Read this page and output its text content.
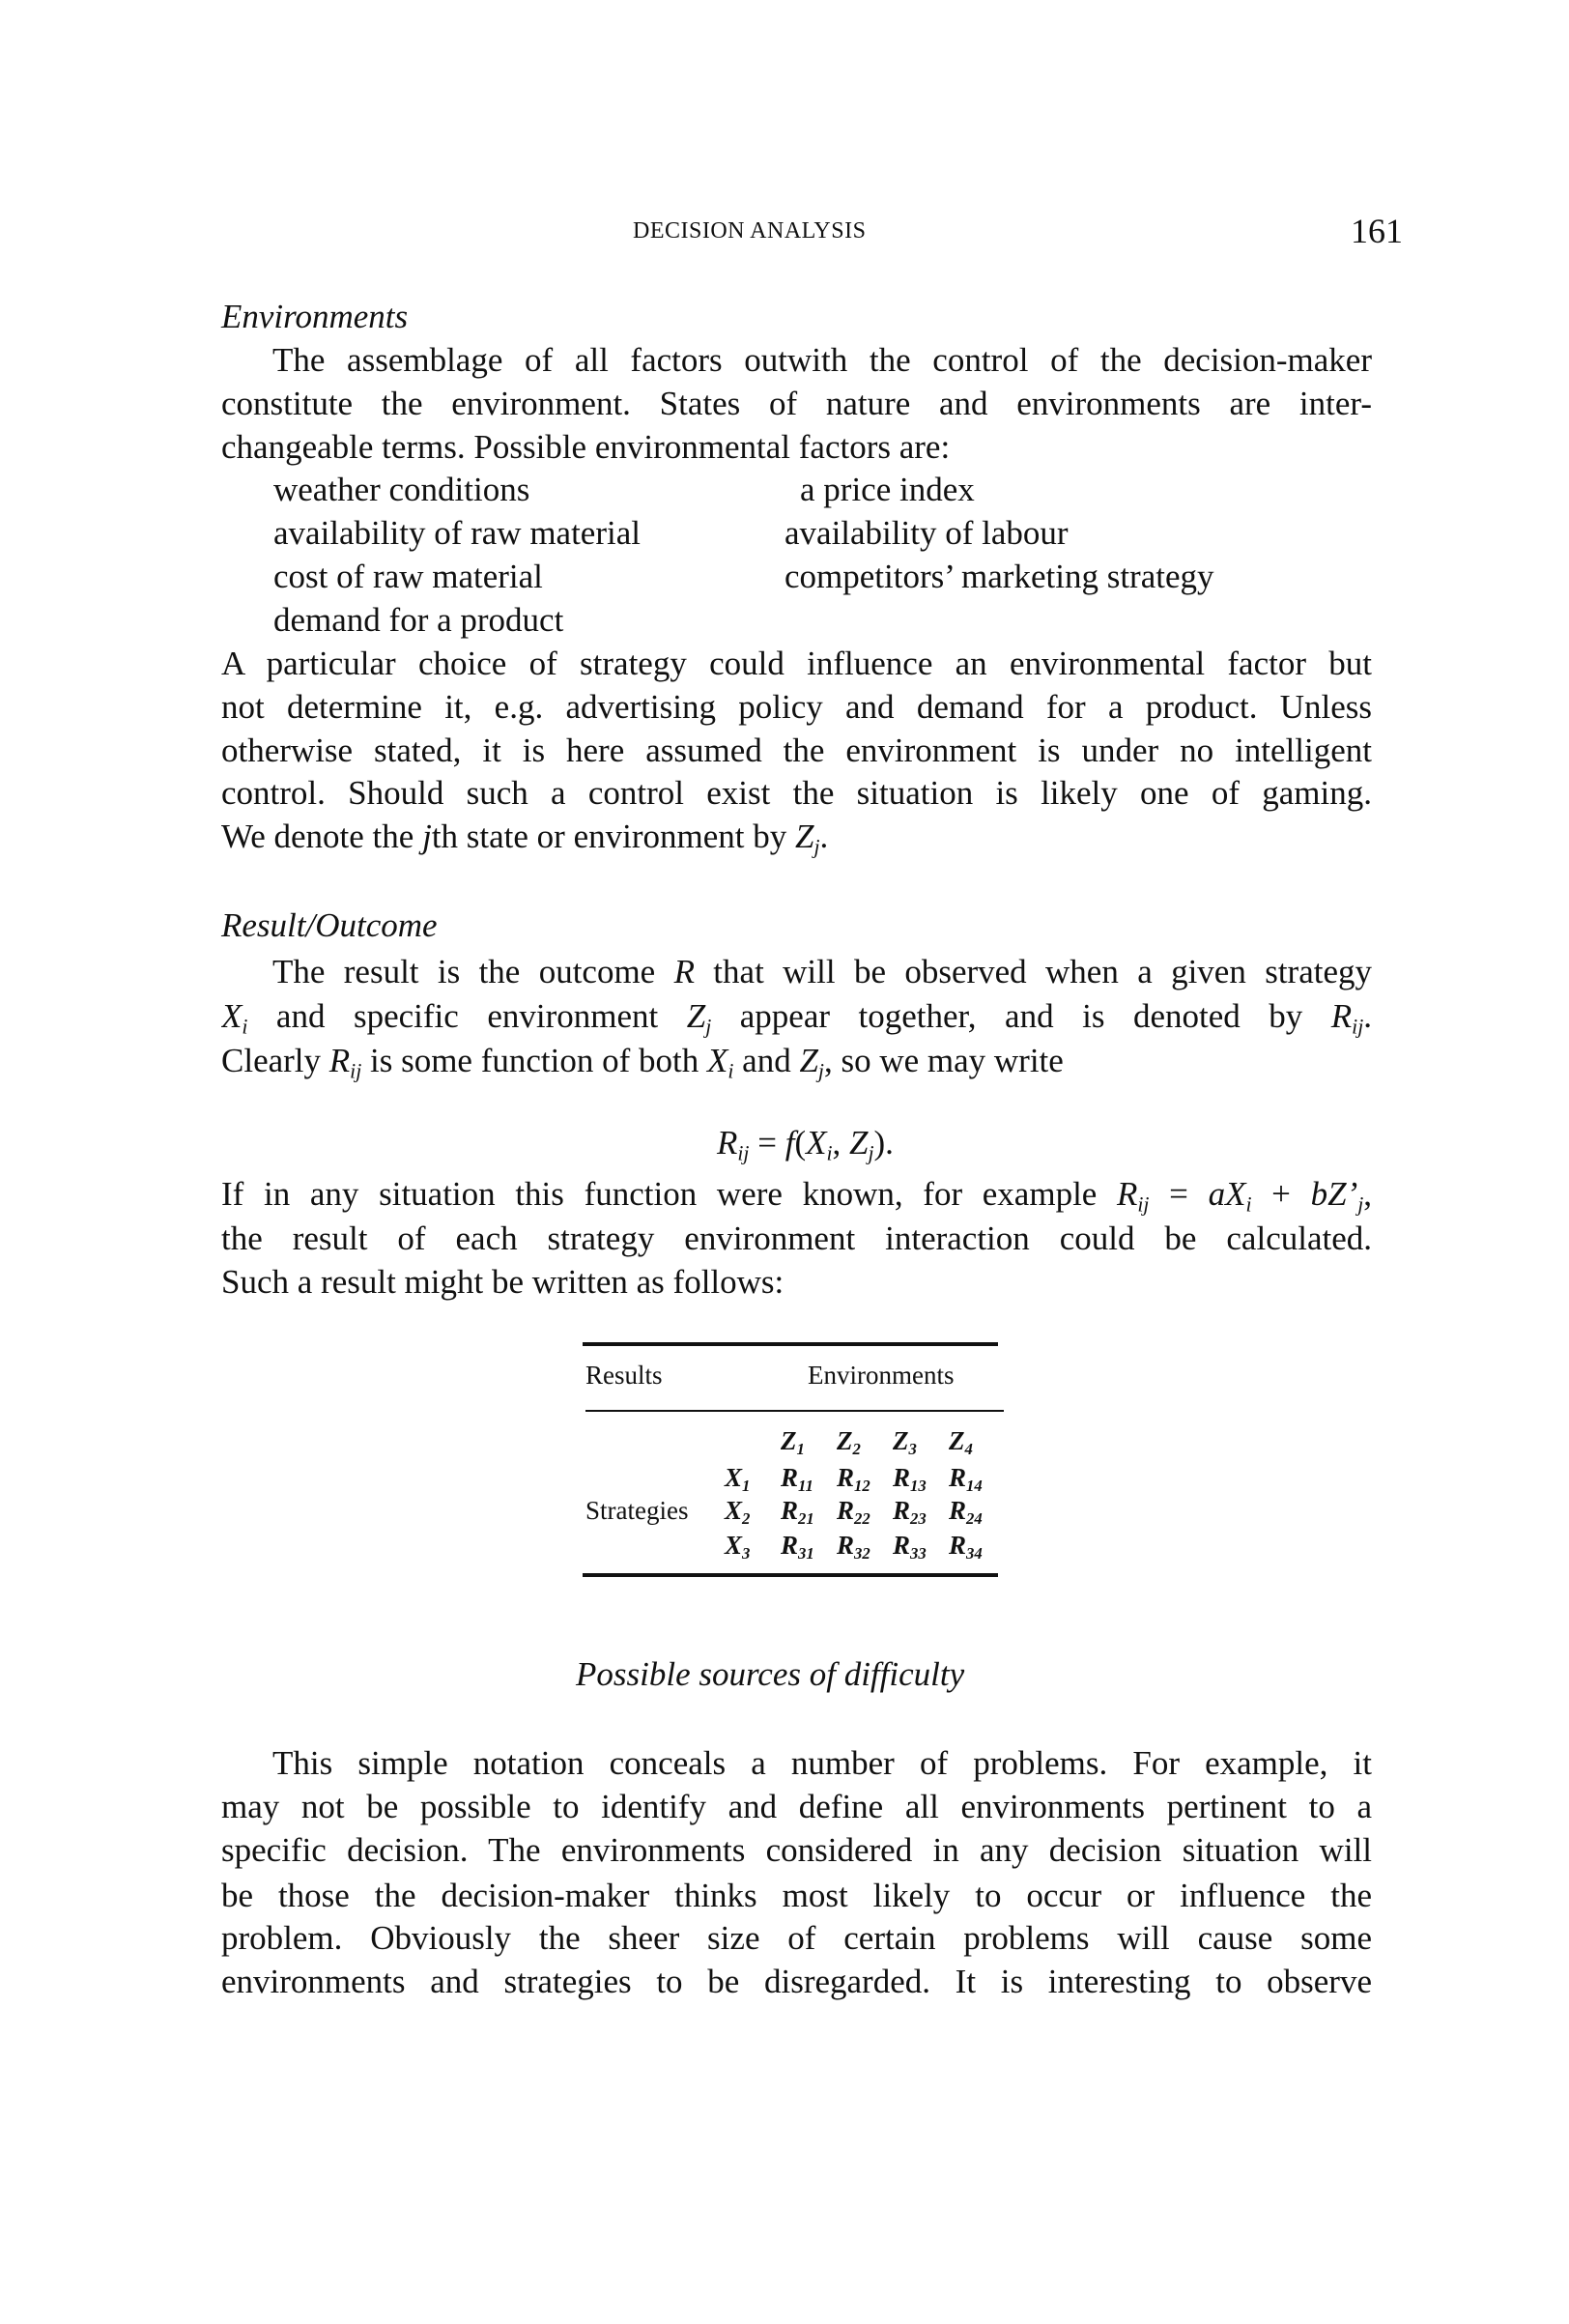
DECISION ANALYSIS	161
Environments
The assemblage of all factors outwith the control of the decision-maker
constitute the environment. States of nature and environments are inter-
changeable terms. Possible environmental factors are:
weather conditions	a price index
availability of raw material	availability of labour
cost of raw material	competitors’ marketing strategy
demand for a product
A particular choice of strategy could influence an environmental factor but
not determine it, e.g. advertising policy and demand for a product. Unless
otherwise stated, it is here assumed the environment is under no intelligent
control. Should such a control exist the situation is likely one of gaming.
We denote the jth state or environment by $Z_j$.
Result/Outcome
The result is the outcome R that will be observed when a given strategy
$X_i$ and specific environment $Z_j$ appear together, and is denoted by $R_{ij}$.
Clearly $R_{ij}$ is some function of both $X_i$ and $Z_j$, so we may write
$R_{ij} = f(X_i$, $Z_j$).
If in any situation this function were known, for example $R_{ij} = aX_i$ + $bZ’_j$,
the result of each strategy environment interaction could be calculated.
Such a result might be written as follows:
Possible sources of difficulty
This simple notation conceals a number of problems. For example, it
may not be possible to identify and define all environments pertinent to a
specific decision. The environments considered in any decision situation will
be those the decision-maker thinks most likely to occur or influence the
problem. Obviously the sheer size of certain problems will cause some
environments and strategies to be disregarded. It is interesting to observe
Results	Environments
Strategies
$Z_1$ $Z_2$ $Z_3$ $Z_4$
$X_1$ $R_{11}$ $R_{12}$ $R_{13}$ $R_{14}$
$X_2$ $R_{21}$ $R_{22}$ $R_{23}$ $R_{24}$
$X_3$ $R_{31}$ $R_{32}$ $R_{33}$ $R_{34}$
